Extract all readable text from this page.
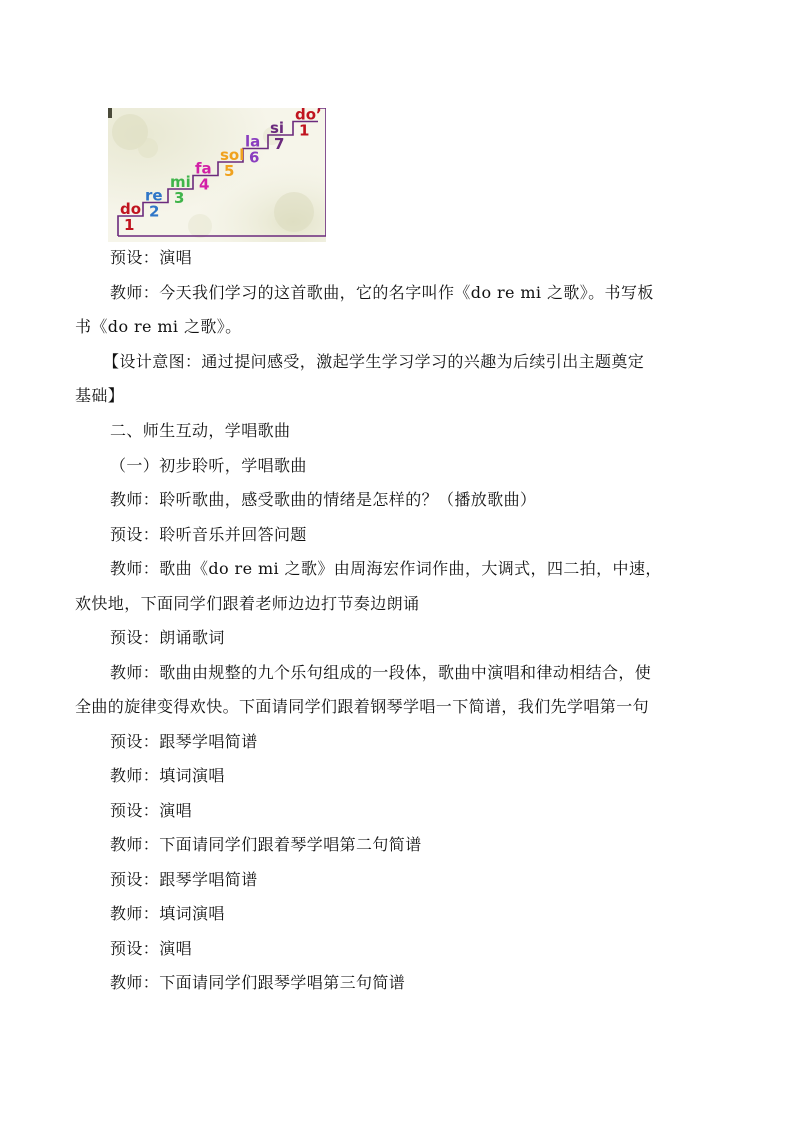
do
1
re
2
mi
3
fa
4
sol
5
la
6
si
7
do’
1
预设：演唱
教师：今天我们学习的这首歌曲，它的名字叫作《do re mi 之歌》。书写板
书《do re mi 之歌》。
【设计意图：通过提问感受，激起学生学习学习的兴趣为后续引出主题奠定
基础】
二、师生互动，学唱歌曲
（一）初步聆听，学唱歌曲
教师：聆听歌曲，感受歌曲的情绪是怎样的？（播放歌曲）
预设：聆听音乐并回答问题
教师：歌曲《do re mi 之歌》由周海宏作词作曲，大调式，四二拍，中速，
欢快地，下面同学们跟着老师边边打节奏边朗诵
预设：朗诵歌词
教师：歌曲由规整的九个乐句组成的一段体，歌曲中演唱和律动相结合，使
全曲的旋律变得欢快。下面请同学们跟着钢琴学唱一下简谱，我们先学唱第一句
预设：跟琴学唱简谱
教师：填词演唱
预设：演唱
教师：下面请同学们跟着琴学唱第二句简谱
预设：跟琴学唱简谱
教师：填词演唱
预设：演唱
教师：下面请同学们跟琴学唱第三句简谱
